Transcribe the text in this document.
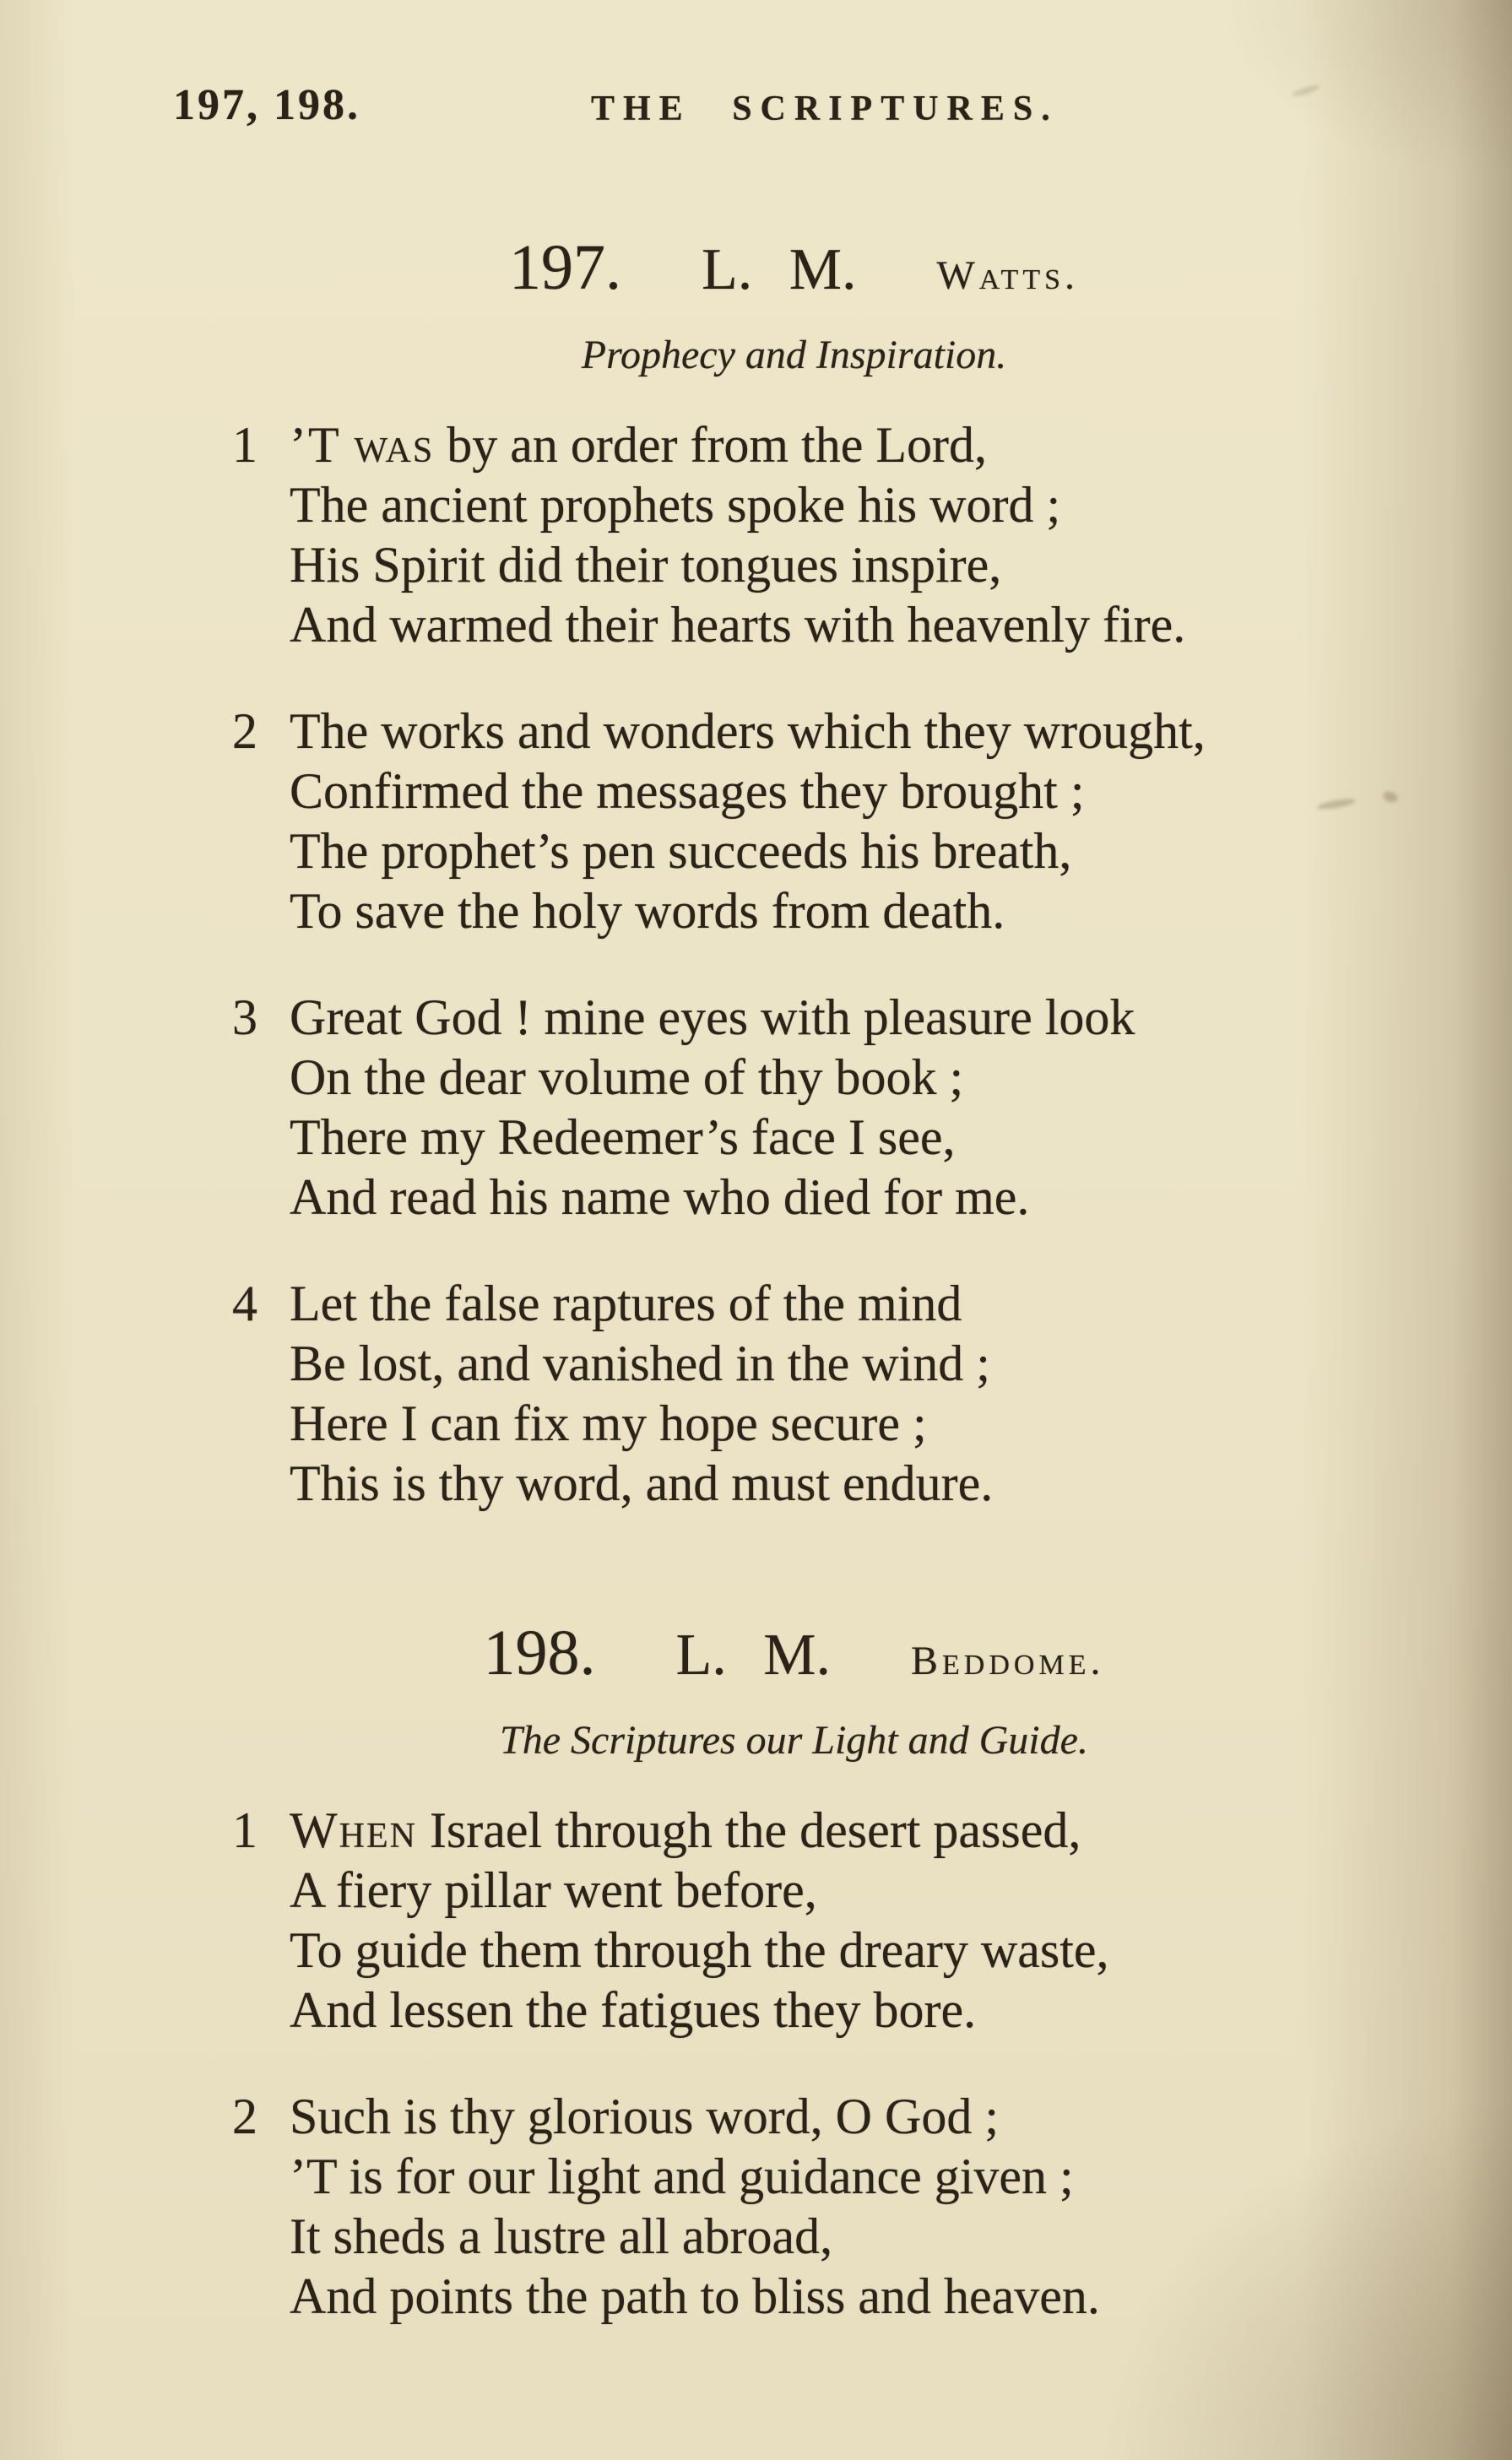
197, 198.	THE SCRIPTURES.
197. L. M. Watts.
Prophecy and Inspiration.
1 ’T was by an order from the Lord,
The ancient prophets spoke his word ;
His Spirit did their tongues inspire,
And warmed their hearts with heavenly fire.
2 The works and wonders which they wrought,
Confirmed the messages they brought ;
The prophet’s pen succeeds his breath,
To save the holy words from death.
3 Great God ! mine eyes with pleasure look
On the dear volume of thy book ;
There my Redeemer’s face I see,
And read his name who died for me.
4 Let the false raptures of the mind
Be lost, and vanished in the wind ;
Here I can fix my hope secure ;
This is thy word, and must endure.
198. L. M. Beddome.
The Scriptures our Light and Guide.
1 When Israel through the desert passed,
A fiery pillar went before,
To guide them through the dreary waste,
And lessen the fatigues they bore.
2 Such is thy glorious word, O God ;
’T is for our light and guidance given ;
It sheds a lustre all abroad,
And points the path to bliss and heaven.
